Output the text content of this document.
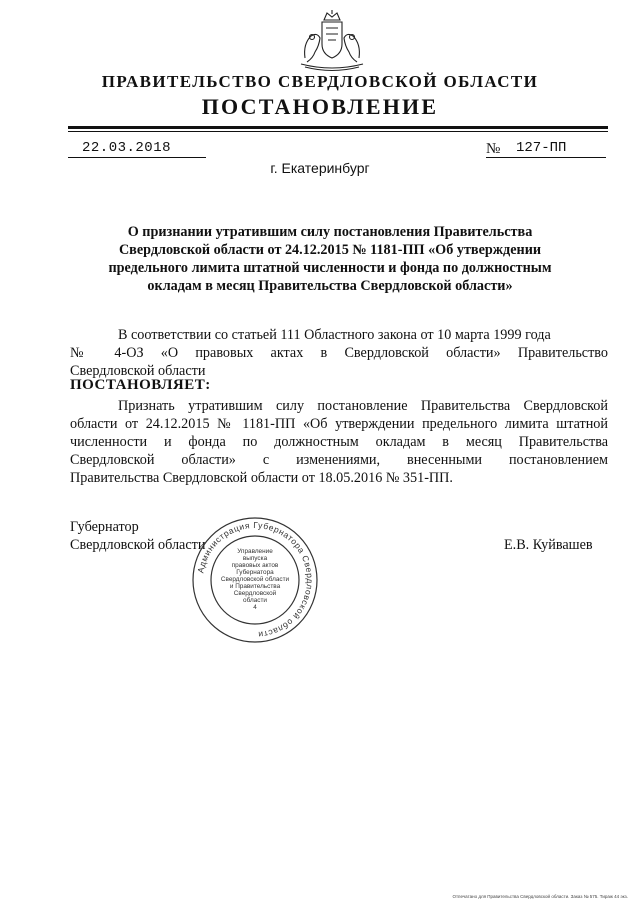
ПРАВИТЕЛЬСТВО СВЕРДЛОВСКОЙ ОБЛАСТИ
ПОСТАНОВЛЕНИЕ
22.03.2018	№ 127-ПП
г. Екатеринбург
О признании утратившим силу постановления Правительства
Свердловской области от 24.12.2015 № 1181-ПП «Об утверждении
предельного лимита штатной численности и фонда по должностным
окладам в месяц Правительства Свердловской области»
В соответствии со статьей 111 Областного закона от 10 марта 1999 года
№ 4-ОЗ «О правовых актах в Свердловской области» Правительство
Свердловской области
ПОСТАНОВЛЯЕТ:
Признать утратившим силу постановление Правительства Свердловской
области от 24.12.2015 № 1181-ПП «Об утверждении предельного лимита штатной
численности и фонда по должностным окладам в месяц Правительства
Свердловской области» с изменениями, внесенными постановлением
Правительства Свердловской области от 18.05.2016 № 351-ПП.
Губернатор
Свердловской области	Е.В. Куйвашев
Администрация Губернатора Свердловской области
Управление
выпуска
правовых актов
Губернатора
Свердловской области
и Правительства
Свердловской
области
4
Отпечатано для Правительства Свердловской области. Заказ № 575. Тираж 44 экз.
